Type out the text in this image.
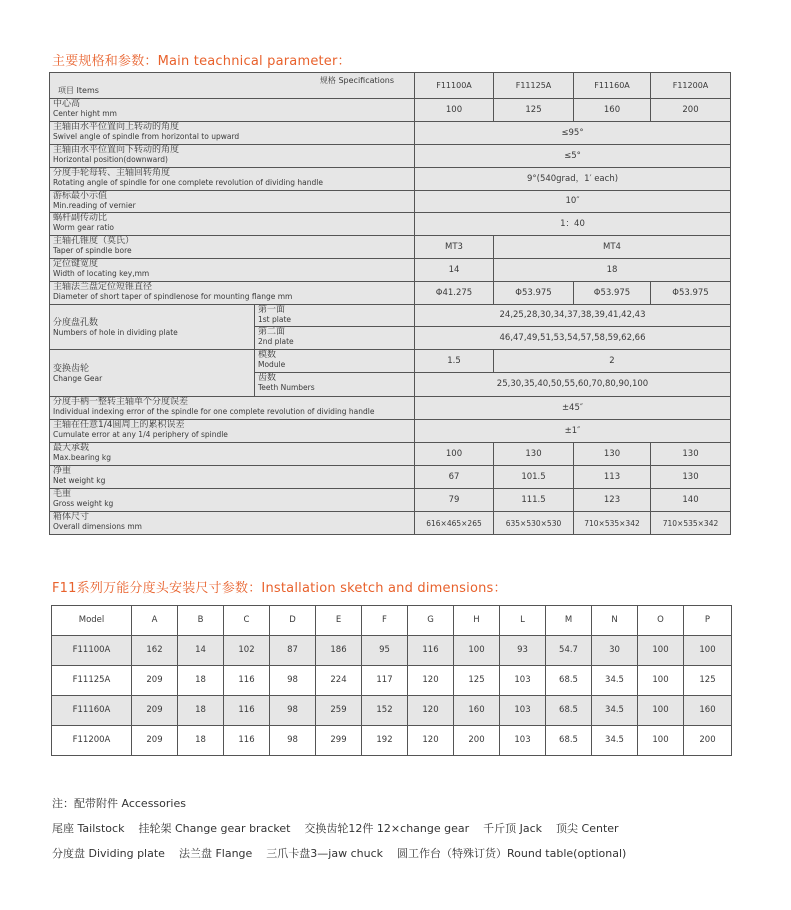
主要规格和参数：Main teachnical parameter：
规格 Specifications
项目 Items		F11100A	F11125A	F11160A	F11200A

中心高
Center hight mm		100	125	160	200

主轴由水平位置向上转动的角度
Swivel angle of spindle from horizontal to upward		≤95°			

主轴由水平位置向下转动的角度
Horizontal position(downward)		≤5°			

分度手轮每转、主轴回转角度
Rotating angle of spindle for one complete revolution of dividing handle		9°(540grad，1′ each)			

游标最小示值
Min.reading of vernier		10″			

蜗杆副传动比
Worm gear ratio		1：40			

主轴孔锥度（莫氏）
Taper of spindle bore		MT3	MT4		

定位键宽度
Width of locating key,mm		14	18		

主轴法兰盘定位短锥直径
Diameter of short taper of spindlenose for mounting flange mm		Φ41.275	Φ53.975	Φ53.975	Φ53.975

分度盘孔数
Numbers of hole in dividing plate	第一面
1st plate	24,25,28,30,34,37,38,39,41,42,43			

	第二面
2nd plate	46,47,49,51,53,54,57,58,59,62,66			

变换齿轮
Change Gear	模数
Module	1.5	2		

	齿数
Teeth Numbers	25,30,35,40,50,55,60,70,80,90,100			

分度手柄一整转主轴单个分度误差
Individual indexing error of the spindle for one complete revolution of dividing handle		±45″			

主轴在任意1/4圆周上的累积误差
Cumulate error at any 1/4 periphery of spindle		±1″			

最大承载
Max.bearing kg		100	130	130	130

净重
Net weight kg		67	101.5	113	130

毛重
Gross weight kg		79	111.5	123	140

箱体尺寸
Overall dimensions mm		616×465×265	635×530×530	710×535×342	710×535×342
F11系列万能分度头安装尺寸参数：Installation sketch and dimensions：
Model	A	B	C	D	E	F	G	H	L	M	N	O	P
F11100A	162	14	102	87	186	95	116	100	93	54.7	30	100	100
F11125A	209	18	116	98	224	117	120	125	103	68.5	34.5	100	125
F11160A	209	18	116	98	259	152	120	160	103	68.5	34.5	100	160
F11200A	209	18	116	98	299	192	120	200	103	68.5	34.5	100	200
注：配带附件 Accessories
尾座 Tailstock 挂轮架 Change gear bracket 交换齿轮12件 12×change gear 千斤顶 Jack 顶尖 Center
分度盘 Dividing plate 法兰盘 Flange 三爪卡盘3—jaw chuck 圆工作台（特殊订货）Round table(optional)
